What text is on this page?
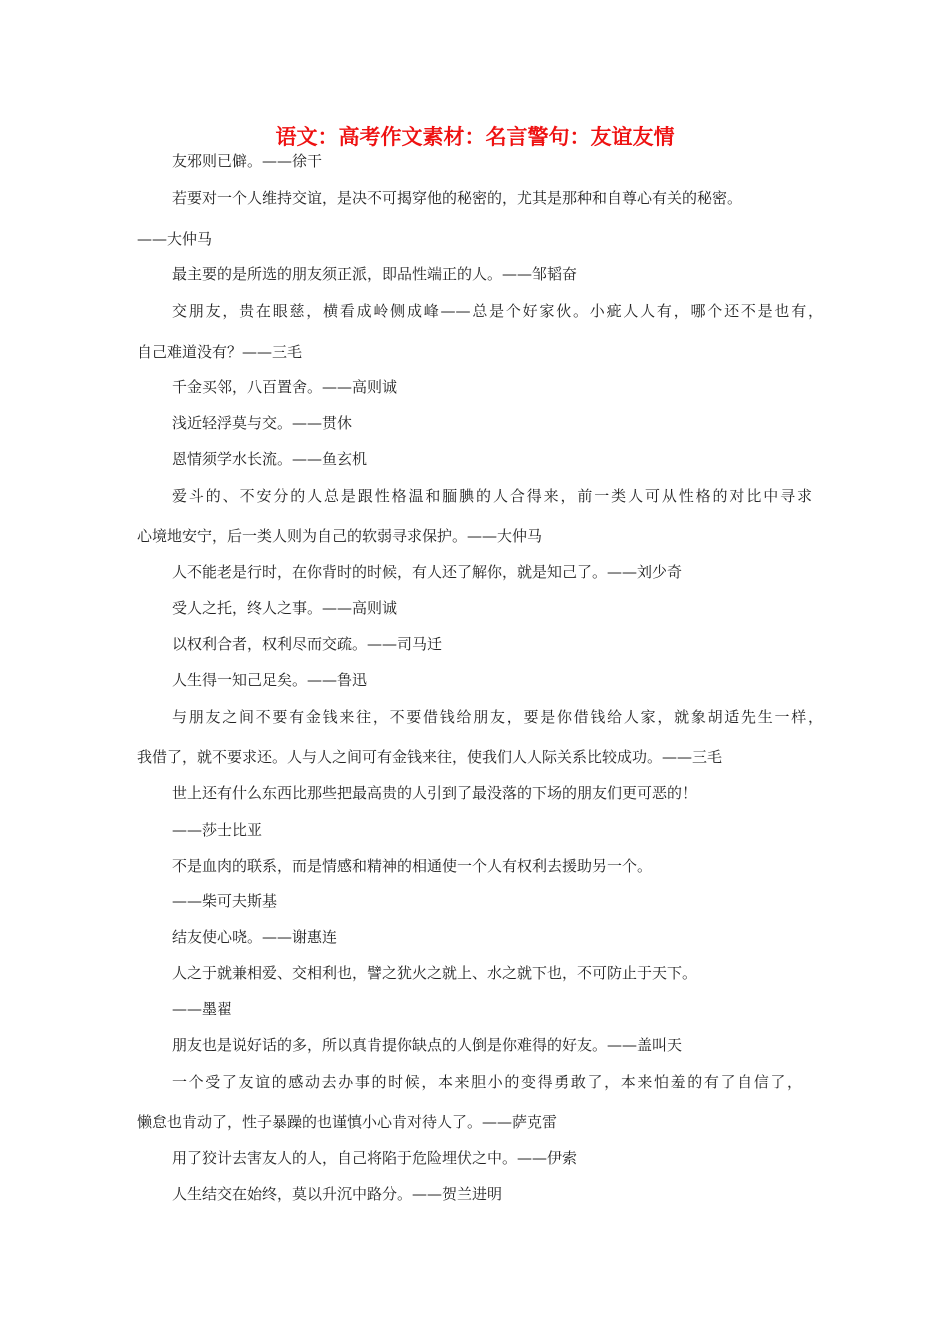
语文：高考作文素材：名言警句：友谊友情
友邪则已僻。——徐干
若要对一个人维持交谊，是决不可揭穿他的秘密的，尤其是那种和自尊心有关的秘密。
——大仲马
最主要的是所选的朋友须正派，即品性端正的人。——邹韬奋
交朋友，贵在眼慈，横看成岭侧成峰——总是个好家伙。小疵人人有，哪个还不是也有，
自己难道没有？——三毛
千金买邻，八百置舍。——高则诚
浅近轻浮莫与交。——贯休
恩情须学水长流。——鱼玄机
爱斗的、不安分的人总是跟性格温和腼腆的人合得来，前一类人可从性格的对比中寻求
心境地安宁，后一类人则为自己的软弱寻求保护。——大仲马
人不能老是行时，在你背时的时候，有人还了解你，就是知己了。——刘少奇
受人之托，终人之事。——高则诚
以权利合者，权利尽而交疏。——司马迁
人生得一知己足矣。——鲁迅
与朋友之间不要有金钱来往，不要借钱给朋友，要是你借钱给人家，就象胡适先生一样，
我借了，就不要求还。人与人之间可有金钱来往，使我们人人际关系比较成功。——三毛
世上还有什么东西比那些把最高贵的人引到了最没落的下场的朋友们更可恶的！
——莎士比亚
不是血肉的联系，而是情感和精神的相通使一个人有权利去援助另一个。
——柴可夫斯基
结友使心哓。——谢惠连
人之于就兼相爱、交相利也，譬之犹火之就上、水之就下也，不可防止于天下。
——墨翟
朋友也是说好话的多，所以真肯提你缺点的人倒是你难得的好友。——盖叫天
一个受了友谊的感动去办事的时候，本来胆小的变得勇敢了，本来怕羞的有了自信了，
懒怠也肯动了，性子暴躁的也谨慎小心肯对待人了。——萨克雷
用了狡计去害友人的人，自己将陷于危险埋伏之中。——伊索
人生结交在始终，莫以升沉中路分。——贺兰进明
